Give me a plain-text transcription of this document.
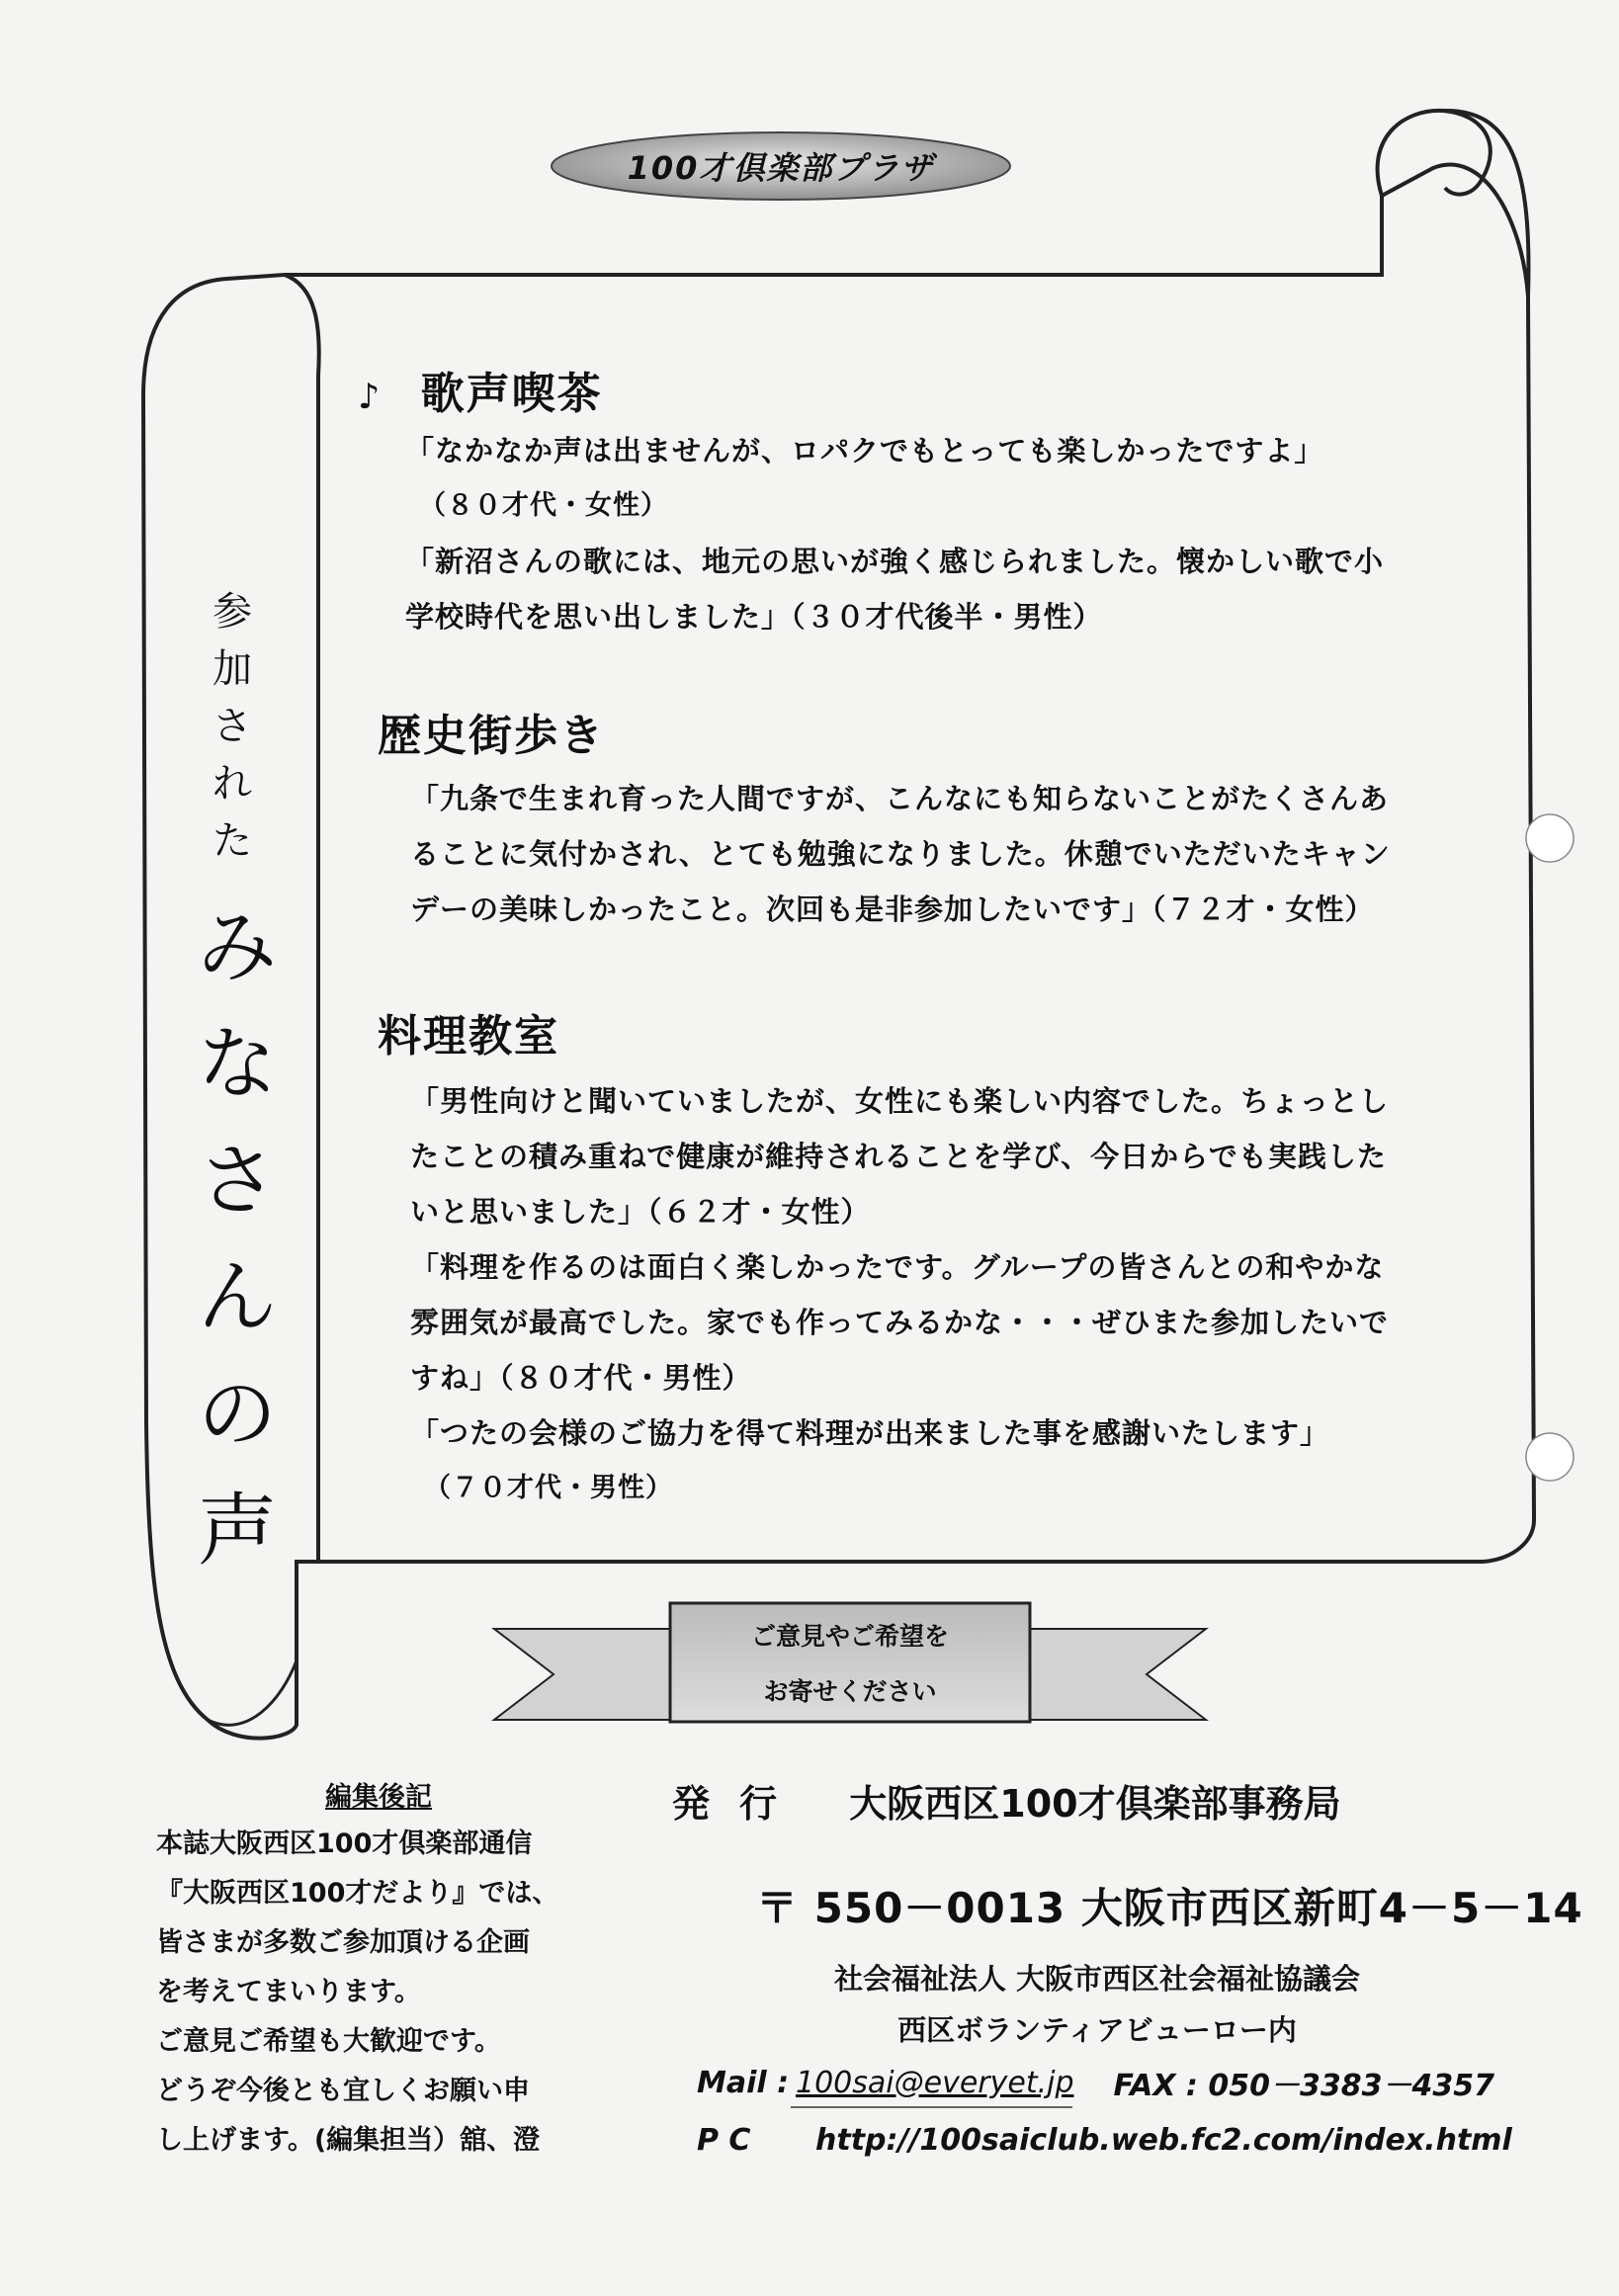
100才倶楽部プラザ
参
加
さ
れ
た
み
な
さ
ん
の
声
♪ 歌声喫茶
「なかなか声は出ませんが、ロパクでもとっても楽しかったですよ」
（８０才代・女性）
「新沼さんの歌には、地元の思いが強く感じられました。懐かしい歌で小
学校時代を思い出しました」（３０才代後半・男性）
歴史街歩き
「九条で生まれ育った人間ですが、こんなにも知らないことがたくさんあ
ることに気付かされ、とても勉強になりました。休憩でいただいたキャン
デーの美味しかったこと。次回も是非参加したいです」（７２才・女性）
料理教室
「男性向けと聞いていましたが、女性にも楽しい内容でした。ちょっとし
たことの積み重ねで健康が維持されることを学び、今日からでも実践した
いと思いました」（６２才・女性）
「料理を作るのは面白く楽しかったです。グループの皆さんとの和やかな
雰囲気が最高でした。家でも作ってみるかな・・・ぜひまた参加したいで
すね」（８０才代・男性）
「つたの会様のご協力を得て料理が出来ました事を感謝いたします」
（７０才代・男性）
ご意見やご希望を
お寄せください
編集後記
本誌大阪西区100才倶楽部通信
『大阪西区100才だより』では、
皆さまが多数ご参加頂ける企画
を考えてまいります。
ご意見ご希望も大歓迎です。
どうぞ今後とも宜しくお願い申
し上げます。(編集担当）舘、澄
発行 大阪西区100才倶楽部事務局
〒 550－0013 大阪市西区新町4－5－14
社会福祉法人 大阪市西区社会福祉協議会
西区ボランティアビューロー内
Mail : 100sai@everyet.jp FAX : 050－3383－4357
P C	http://100saiclub.web.fc2.com/index.html
